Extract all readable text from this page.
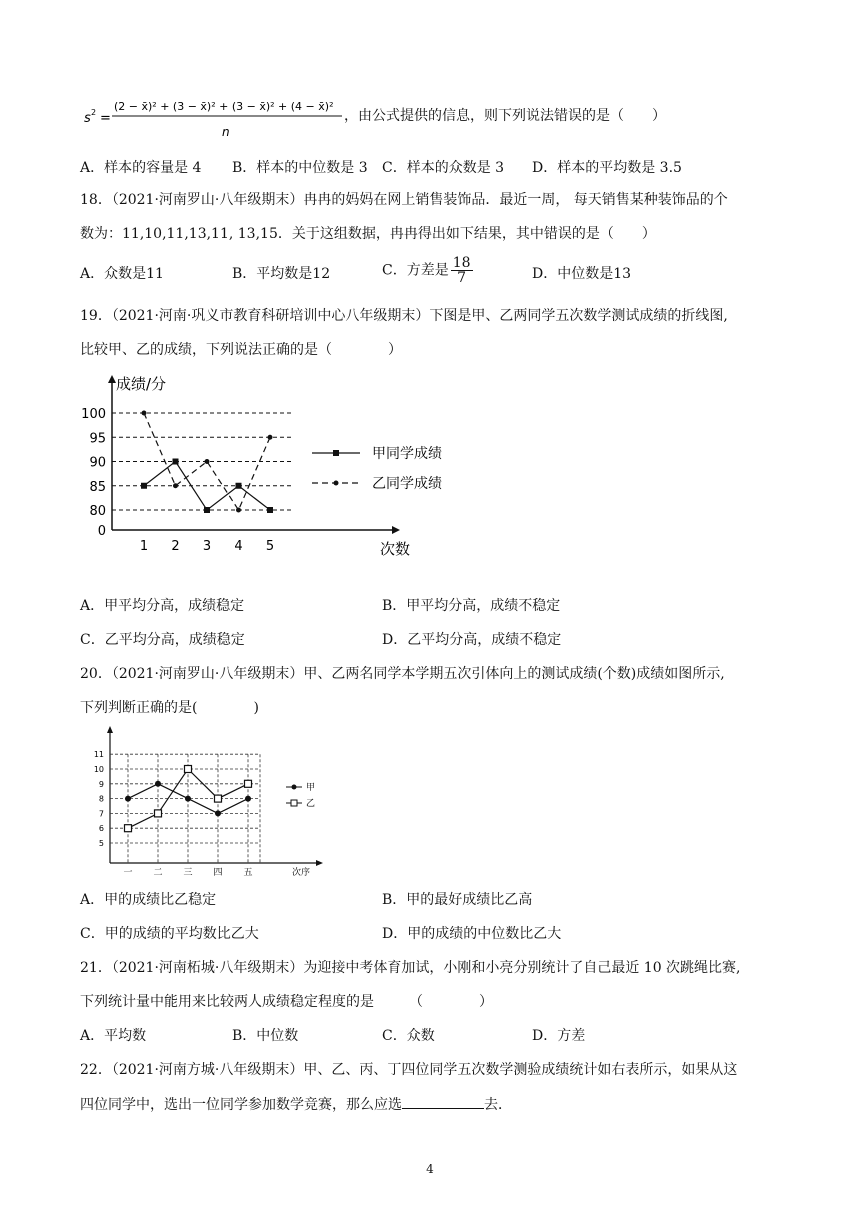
s 2 =
(2 − x̄)² + (3 − x̄)² + (3 − x̄)² + (4 − x̄)²
n
，由公式提供的信息，则下列说法错误的是（　　）
A．样本的容量是 4 B．样本的中位数是 3 C．样本的众数是 3 D．样本的平均数是 3.5
18．（2021·河南罗山·八年级期末）冉冉的妈妈在网上销售装饰品．最近一周， 每天销售某种装饰品的个
数为：11,10,11,13,11, 13,15．关于这组数据，冉冉得出如下结果，其中错误的是（　　）
A．众数是11	B．平均数是12	C．方差是 $\frac{18}{7}$	D．中位数是13
19．（2021·河南·巩义市教育科研培训中心八年级期末）下图是甲、乙两同学五次数学测试成绩的折线图,
比较甲、乙的成绩，下列说法正确的是（　　　　）
成绩/分
次数
0
80
85
90
95
100
1 2 3 4 5
甲同学成绩
乙同学成绩
A．甲平均分高，成绩稳定	B．甲平均分高，成绩不稳定
C．乙平均分高，成绩稳定	D．乙平均分高，成绩不稳定
20．（2021·河南罗山·八年级期末）甲、乙两名同学本学期五次引体向上的测试成绩(个数)成绩如图所示,
下列判断正确的是(　　　　)
次序
5
6
7
8
9
10
11
一 二 三 四 五
甲
乙
A．甲的成绩比乙稳定	B．甲的最好成绩比乙高
C．甲的成绩的平均数比乙大	D．甲的成绩的中位数比乙大
21．（2021·河南柘城·八年级期末）为迎接中考体育加试，小刚和小亮分别统计了自己最近 10 次跳绳比赛,
下列统计量中能用来比较两人成绩稳定程度的是　　　（　　　　）
A．平均数	B．中位数	C．众数	D．方差
22．（2021·河南方城·八年级期末）甲、乙、丙、丁四位同学五次数学测验成绩统计如右表所示，如果从这
四位同学中，选出一位同学参加数学竞赛，那么应选	去．
4
